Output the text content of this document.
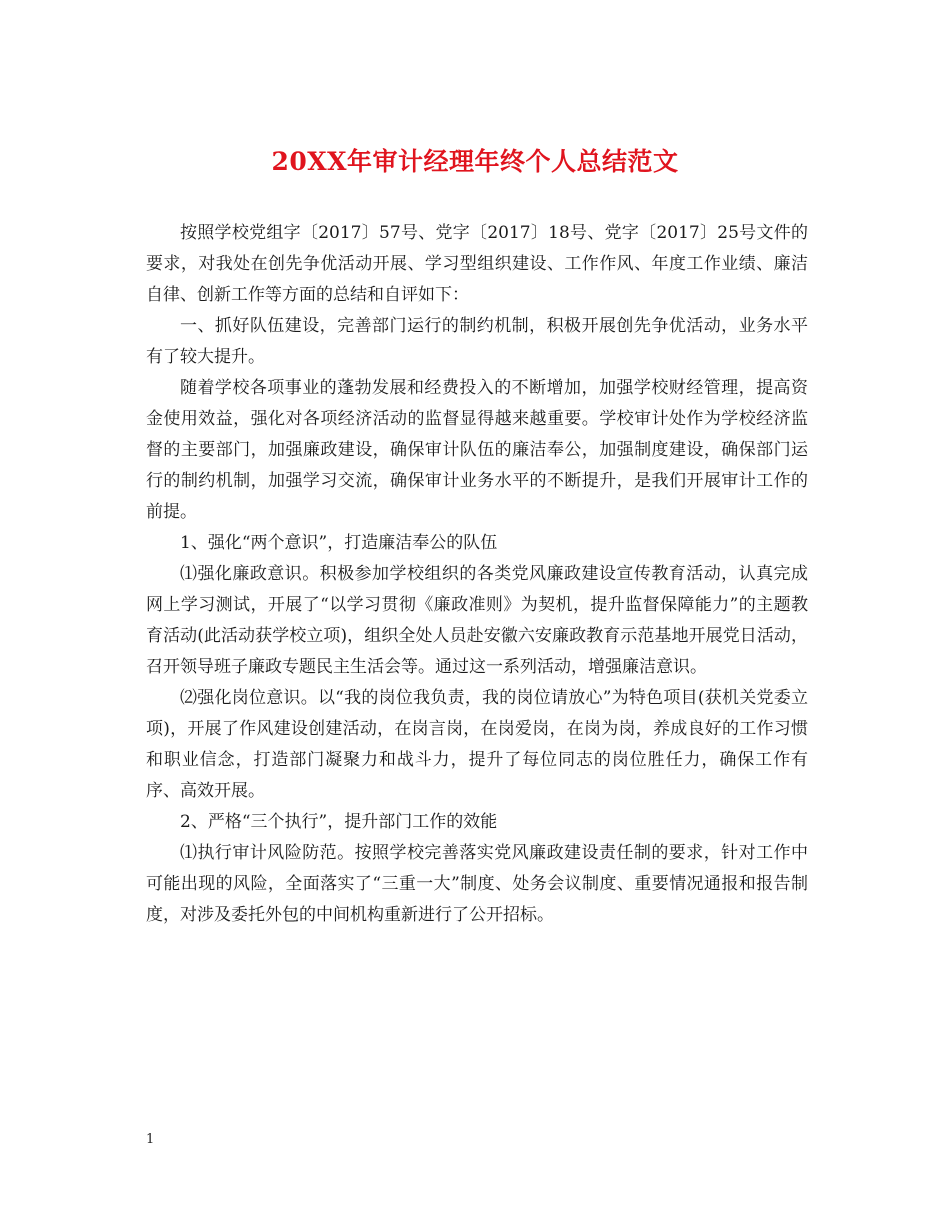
20XX年审计经理年终个人总结范文

按照学校党组字〔2017〕57号、党字〔2017〕18号、党字〔2017〕25号文件的要求，对我处在创先争优活动开展、学习型组织建设、工作作风、年度工作业绩、廉洁自律、创新工作等方面的总结和自评如下：

一、抓好队伍建设，完善部门运行的制约机制，积极开展创先争优活动，业务水平有了较大提升。

随着学校各项事业的蓬勃发展和经费投入的不断增加，加强学校财经管理，提高资金使用效益，强化对各项经济活动的监督显得越来越重要。学校审计处作为学校经济监督的主要部门，加强廉政建设，确保审计队伍的廉洁奉公，加强制度建设，确保部门运行的制约机制，加强学习交流，确保审计业务水平的不断提升，是我们开展审计工作的前提。

1、强化“两个意识”，打造廉洁奉公的队伍

⑴强化廉政意识。积极参加学校组织的各类党风廉政建设宣传教育活动，认真完成网上学习测试，开展了“以学习贯彻《廉政准则》为契机，提升监督保障能力”的主题教育活动(此活动获学校立项)，组织全处人员赴安徽六安廉政教育示范基地开展党日活动，召开领导班子廉政专题民主生活会等。通过这一系列活动，增强廉洁意识。

⑵强化岗位意识。以“我的岗位我负责，我的岗位请放心”为特色项目(获机关党委立项)，开展了作风建设创建活动，在岗言岗，在岗爱岗，在岗为岗，养成良好的工作习惯和职业信念，打造部门凝聚力和战斗力，提升了每位同志的岗位胜任力，确保工作有序、高效开展。

2、严格“三个执行”，提升部门工作的效能

⑴执行审计风险防范。按照学校完善落实党风廉政建设责任制的要求，针对工作中可能出现的风险，全面落实了“三重一大”制度、处务会议制度、重要情况通报和报告制度，对涉及委托外包的中间机构重新进行了公开招标。

1
